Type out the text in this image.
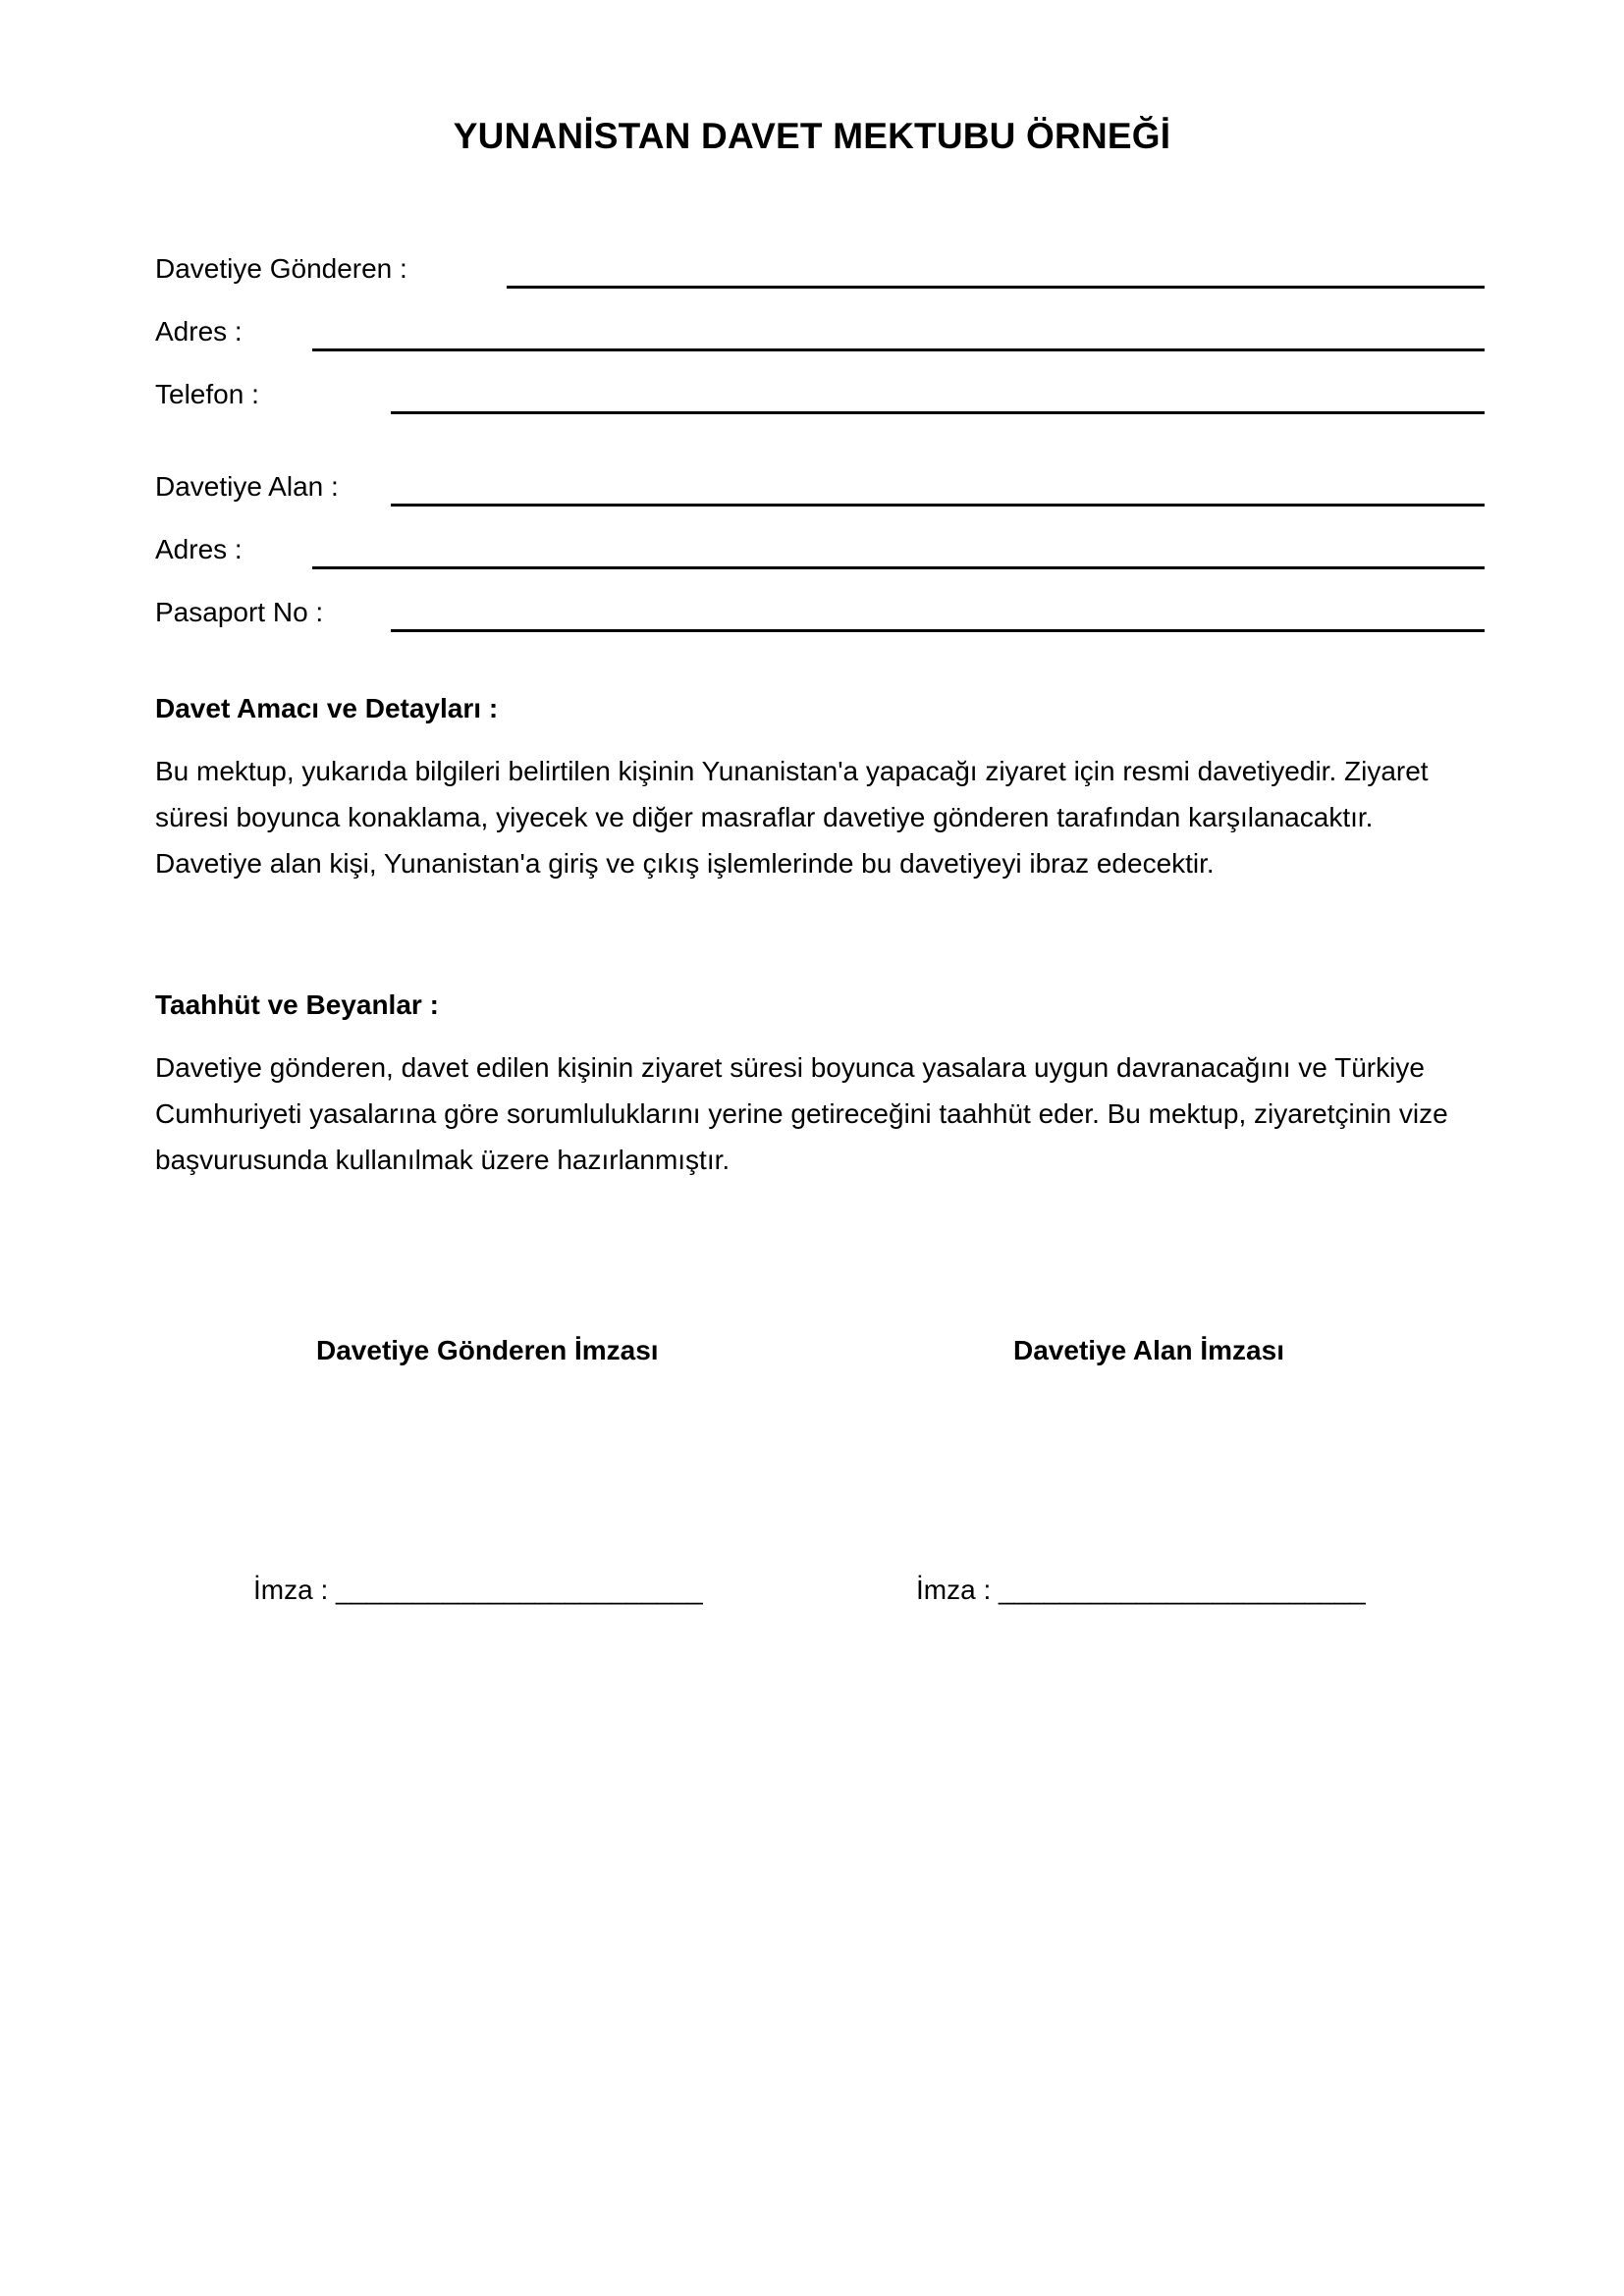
YUNANİSTAN DAVET MEKTUBU ÖRNEĞİ
Davetiye Gönderen :
Adres :
Telefon :
Davetiye Alan :
Adres :
Pasaport No :
Davet Amacı ve Detayları :
Bu mektup, yukarıda bilgileri belirtilen kişinin Yunanistan'a yapacağı ziyaret için resmi davetiyedir. Ziyaret
süresi boyunca konaklama, yiyecek ve diğer masraflar davetiye gönderen tarafından karşılanacaktır.
Davetiye alan kişi, Yunanistan'a giriş ve çıkış işlemlerinde bu davetiyeyi ibraz edecektir.
Taahhüt ve Beyanlar :
Davetiye gönderen, davet edilen kişinin ziyaret süresi boyunca yasalara uygun davranacağını ve Türkiye
Cumhuriyeti yasalarına göre sorumluluklarını yerine getireceğini taahhüt eder. Bu mektup, ziyaretçinin vize
başvurusunda kullanılmak üzere hazırlanmıştır.
Davetiye Gönderen İmzası	Davetiye Alan İmzası
İmza : ________________________	İmza : ________________________
